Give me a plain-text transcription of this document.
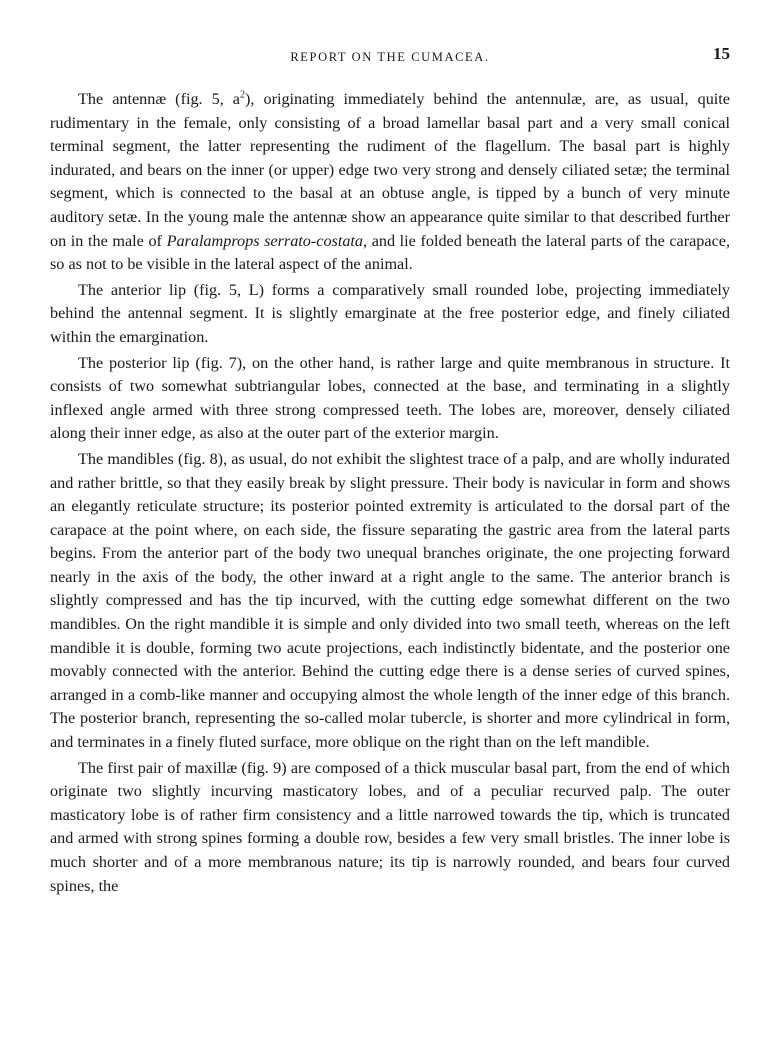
REPORT ON THE CUMACEA.	15

The antennæ (fig. 5, $a^2$), originating immediately behind the antennulæ, are, as usual, quite rudimentary in the female, only consisting of a broad lamellar basal part and a very small conical terminal segment, the latter representing the rudiment of the flagellum. The basal part is highly indurated, and bears on the inner (or upper) edge two very strong and densely ciliated setæ; the terminal segment, which is connected to the basal at an obtuse angle, is tipped by a bunch of very minute auditory setæ. In the young male the antennæ show an appearance quite similar to that described further on in the male of Paralamprops serrato-costata, and lie folded beneath the lateral parts of the carapace, so as not to be visible in the lateral aspect of the animal.

The anterior lip (fig. 5, L) forms a comparatively small rounded lobe, projecting immediately behind the antennal segment. It is slightly emarginate at the free posterior edge, and finely ciliated within the emargination.

The posterior lip (fig. 7), on the other hand, is rather large and quite membranous in structure. It consists of two somewhat subtriangular lobes, connected at the base, and terminating in a slightly inflexed angle armed with three strong compressed teeth. The lobes are, moreover, densely ciliated along their inner edge, as also at the outer part of the exterior margin.

The mandibles (fig. 8), as usual, do not exhibit the slightest trace of a palp, and are wholly indurated and rather brittle, so that they easily break by slight pressure. Their body is navicular in form and shows an elegantly reticulate structure; its posterior pointed extremity is articulated to the dorsal part of the carapace at the point where, on each side, the fissure separating the gastric area from the lateral parts begins. From the anterior part of the body two unequal branches originate, the one projecting forward nearly in the axis of the body, the other inward at a right angle to the same. The anterior branch is slightly compressed and has the tip incurved, with the cutting edge somewhat different on the two mandibles. On the right mandible it is simple and only divided into two small teeth, whereas on the left mandible it is double, forming two acute projections, each indistinctly bidentate, and the posterior one movably connected with the anterior. Behind the cutting edge there is a dense series of curved spines, arranged in a comb-like manner and occupying almost the whole length of the inner edge of this branch. The posterior branch, representing the so-called molar tubercle, is shorter and more cylindrical in form, and terminates in a finely fluted surface, more oblique on the right than on the left mandible.

The first pair of maxillæ (fig. 9) are composed of a thick muscular basal part, from the end of which originate two slightly incurving masticatory lobes, and of a peculiar recurved palp. The outer masticatory lobe is of rather firm consistency and a little narrowed towards the tip, which is truncated and armed with strong spines forming a double row, besides a few very small bristles. The inner lobe is much shorter and of a more membranous nature; its tip is narrowly rounded, and bears four curved spines, the
